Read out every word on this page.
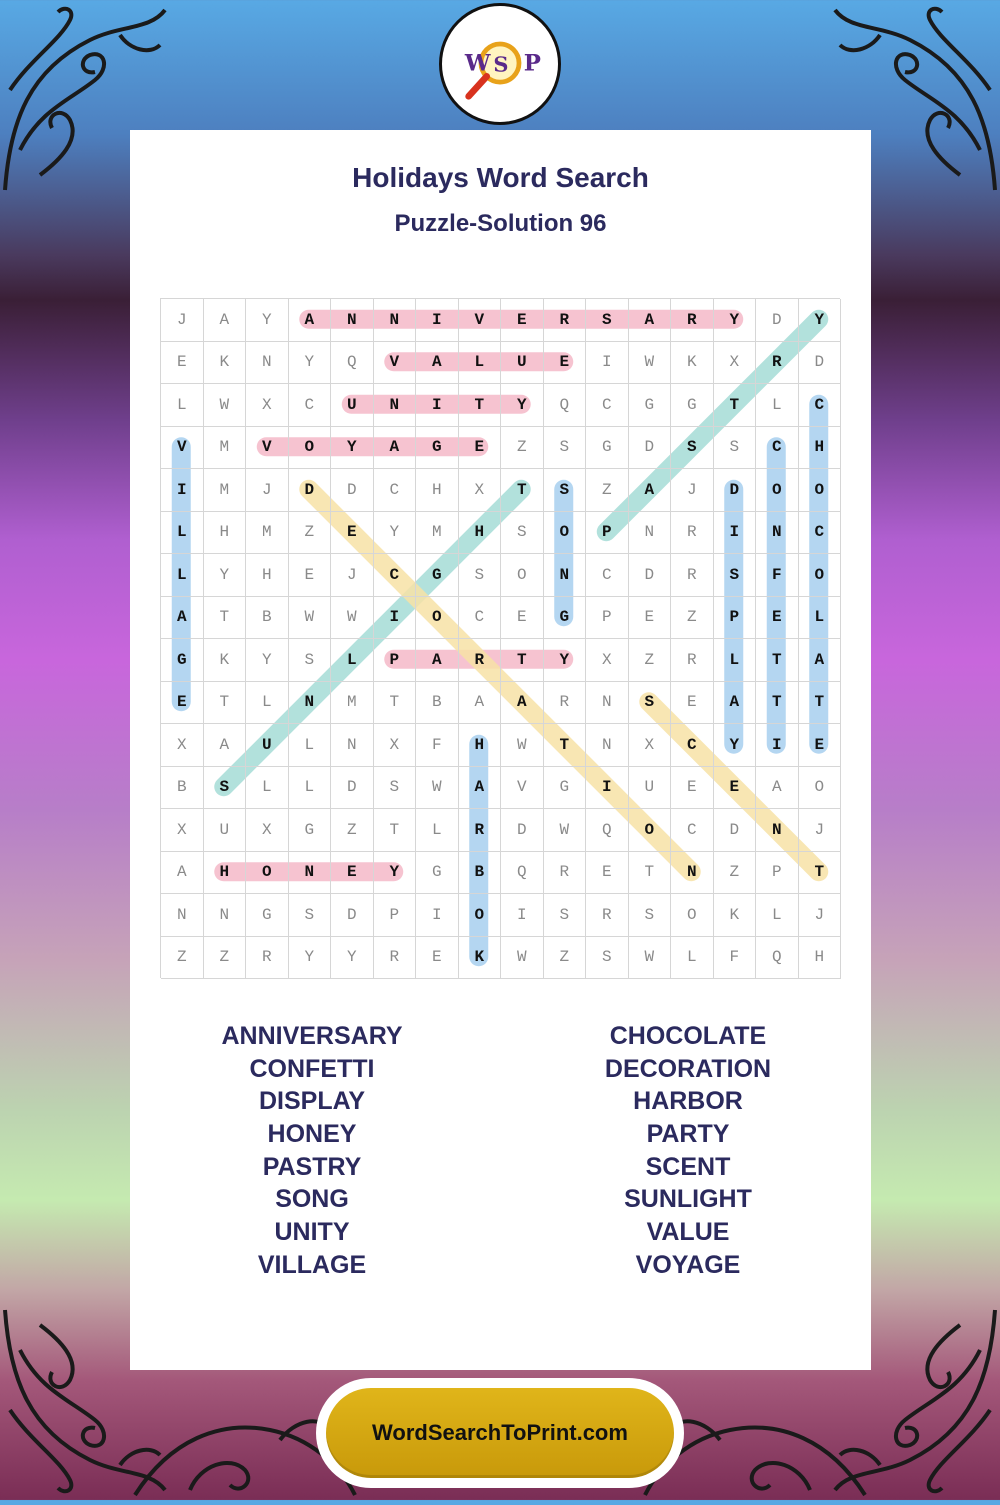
W S P
Holidays Word Search
Puzzle-Solution 96
J	A	Y	A	N	N	I	V	E	R	S	A	R	Y	D	Y
E	K	N	Y	Q	V	A	L	U	E	I	W	K	X	R	D
L	W	X	C	U	N	I	T	Y	Q	C	G	G	T	L	C
V	M	V	O	Y	A	G	E	Z	S	G	D	S	S	C	H
I	M	J	D	D	C	H	X	T	S	Z	A	J	D	O	O
L	H	M	Z	E	Y	M	H	S	O	P	N	R	I	N	C
L	Y	H	E	J	C	G	S	O	N	C	D	R	S	F	O
A	T	B	W	W	I	O	C	E	G	P	E	Z	P	E	L
G	K	Y	S	L	P	A	R	T	Y	X	Z	R	L	T	A
E	T	L	N	M	T	B	A	A	R	N	S	E	A	T	T
X	A	U	L	N	X	F	H	W	T	N	X	C	Y	I	E
B	S	L	L	D	S	W	A	V	G	I	U	E	E	A	O
X	U	X	G	Z	T	L	R	D	W	Q	O	C	D	N	J
A	H	O	N	E	Y	G	B	Q	R	E	T	N	Z	P	T
N	N	G	S	D	P	I	O	I	S	R	S	O	K	L	J
Z	Z	R	Y	Y	R	E	K	W	Z	S	W	L	F	Q	H
ANNIVERSARY
CONFETTI
DISPLAY
HONEY
PASTRY
SONG
UNITY
VILLAGE
CHOCOLATE
DECORATION
HARBOR
PARTY
SCENT
SUNLIGHT
VALUE
VOYAGE
WordSearchToPrint.com
